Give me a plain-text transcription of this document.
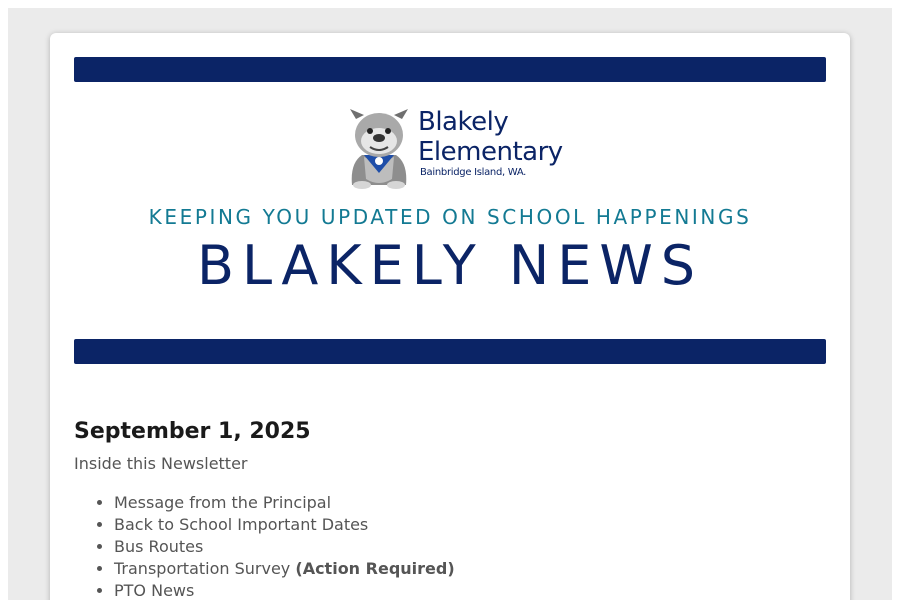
Blakely
Elementary
Bainbridge Island, WA.
KEEPING YOU UPDATED ON SCHOOL HAPPENINGS
BLAKELY NEWS
September 1, 2025

Inside this Newsletter

• Message from the Principal
• Back to School Important Dates
• Bus Routes
• Transportation Survey (Action Required)
• PTO News
